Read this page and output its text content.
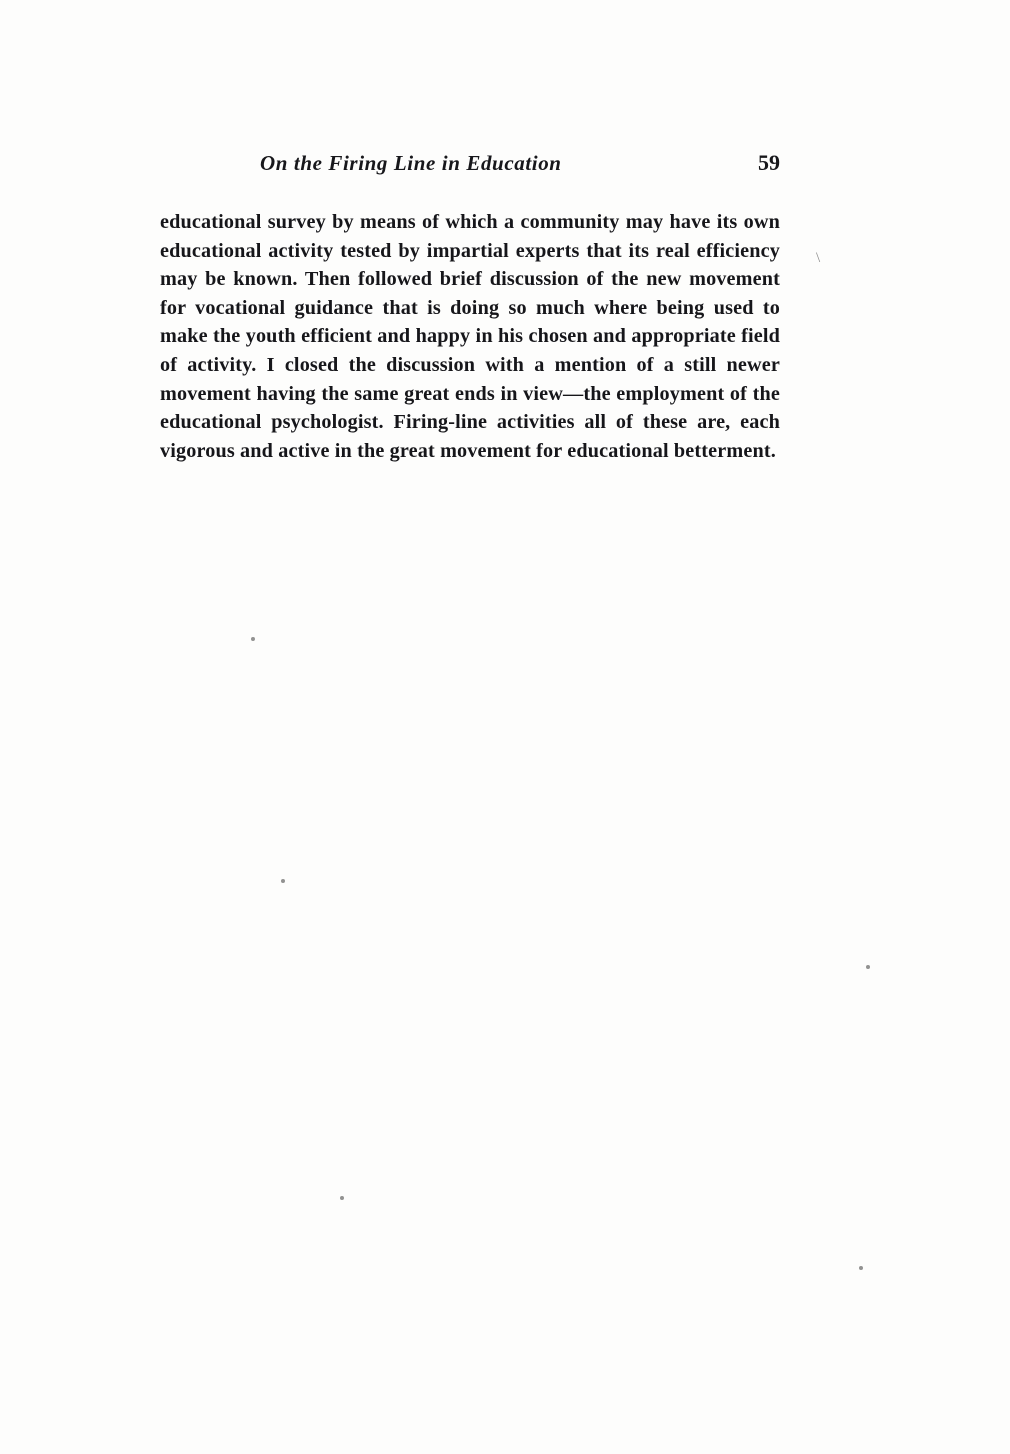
On the Firing Line in Education	59

educational survey by means of which a community may have its own educational activity tested by impartial experts that its real efficiency may be known. Then followed brief discussion of the new movement for vocational guidance that is doing so much where being used to make the youth efficient and happy in his chosen and appropriate field of activity. I closed the discussion with a mention of a still newer movement having the same great ends in view—the employment of the educational psychologist. Firing-line activities all of these are, each vigorous and active in the great movement for educational betterment.

\
